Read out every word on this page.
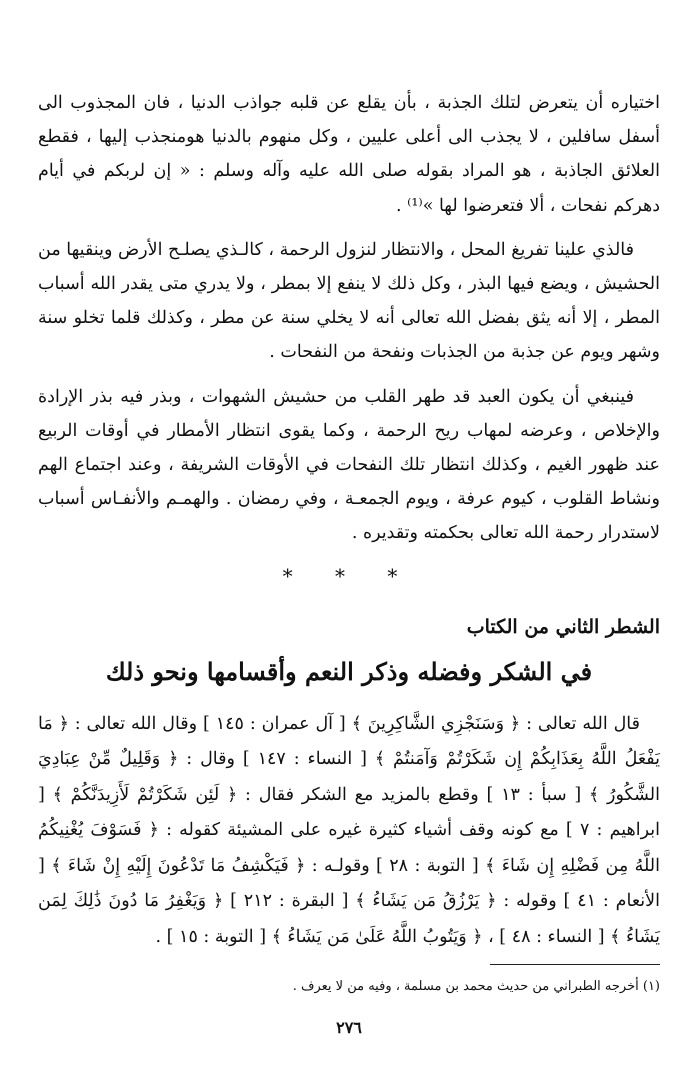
اختياره أن يتعرض لتلك الجذبة ، بأن يقلع عن قلبه جواذب الدنيا ، فان المجذوب الى أسفل سافلين ، لا يجذب الى أعلى عليين ، وكل منهوم بالدنيا هومنجذب إليها ، فقطع العلائق الجاذبة ، هو المراد بقوله صلى الله عليه وآله وسلم : « إن لربكم في أيام دهركم نفحات ، ألا فتعرضوا لها »⁽¹⁾ .

فالذي علينا تفريغ المحل ، والانتظار لنزول الرحمة ، كالـذي يصلـح الأرض وينقيها من الحشيش ، ويضع فيها البذر ، وكل ذلك لا ينفع إلا بمطر ، ولا يدري متى يقدر الله أسباب المطر ، إلا أنه يثق بفضل الله تعالى أنه لا يخلي سنة عن مطر ، وكذلك قلما تخلو سنة وشهر ويوم عن جذبة من الجذبات ونفحة من النفحات .

فينبغي أن يكون العبد قد طهر القلب من حشيش الشهوات ، وبذر فيه بذر الإرادة والإخلاص ، وعرضه لمهاب ريح الرحمة ، وكما يقوى انتظار الأمطار في أوقات الربيع عند ظهور الغيم ، وكذلك انتظار تلك النفحات في الأوقات الشريفة ، وعند اجتماع الهم ونشاط القلوب ، كيوم عرفة ، ويوم الجمعـة ، وفي رمضان . والهمـم والأنفـاس أسباب لاستدرار رحمة الله تعالى بحكمته وتقديره .

* * *
الشطر الثاني من الكتاب
في الشكر وفضله وذكر النعم وأقسامها ونحو ذلك

قال الله تعالى : ﴿ وَسَنَجْزِي الشَّاكِرِينَ ﴾ [ آل عمران : ١٤٥ ] وقال الله تعالى : ﴿ مَا يَفْعَلُ اللَّهُ بِعَذَابِكُمْ إِن شَكَرْتُمْ وَآمَنتُمْ ﴾ [ النساء : ١٤٧ ] وقال : ﴿ وَقَلِيلٌ مِّنْ عِبَادِيَ الشَّكُورُ ﴾ [ سبأ : ١٣ ] وقطع بالمزيد مع الشكر فقال : ﴿ لَئِن شَكَرْتُمْ لَأَزِيدَنَّكُمْ ﴾ [ ابراهيم : ٧ ] مع كونه وقف أشياء كثيرة غيره على المشيئة كقوله : ﴿ فَسَوْفَ يُغْنِيكُمُ اللَّهُ مِن فَضْلِهِ إِن شَاءَ ﴾ [ التوبة : ٢٨ ] وقولـه : ﴿ فَيَكْشِفُ مَا تَدْعُونَ إِلَيْهِ إِنْ شَاءَ ﴾ [ الأنعام : ٤١ ] وقوله : ﴿ يَرْزُقُ مَن يَشَاءُ ﴾ [ البقرة : ٢١٢ ] ﴿ وَيَغْفِرُ مَا دُونَ ذَٰلِكَ لِمَن يَشَاءُ ﴾ [ النساء : ٤٨ ] ، ﴿ وَيَتُوبُ اللَّهُ عَلَىٰ مَن يَشَاءُ ﴾ [ التوبة : ١٥ ] .

(١) أخرجه الطبراني من حديث محمد بن مسلمة ، وفيه من لا يعرف .
٢٧٦
